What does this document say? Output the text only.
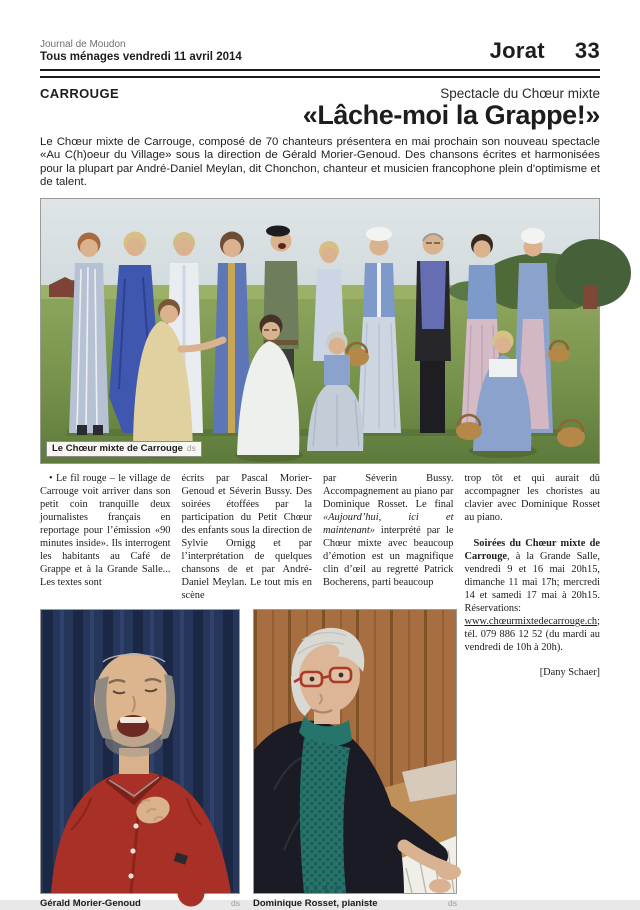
Journal de Moudon
Tous ménages vendredi 11 avril 2014	Jorat 33
CARROUGE	Spectacle du Chœur mixte
«Lâche-moi la Grappe!»

Le Chœur mixte de Carrouge, composé de 70 chanteurs présentera en mai prochain son nouveau spectacle «Au C(h)oeur du Village» sous la direction de Gérald Morier-Genoud. Des chansons écrites et harmonisées pour la plupart par André-Daniel Meylan, dit Chonchon, chanteur et musicien francophone plein d’optimisme et de talent.

Le Chœur mixte de Carrouge ds

• Le fil rouge – le village de Carrouge voit arriver dans son petit coin tranquille deux journalistes français en reportage pour l’émission «90 minutes inside». Ils interrogent les habitants au Café de Grappe et à la Grande Salle... Les textes sont

écrits par Pascal Morier-Genoud et Séverin Bussy. Des soirées étoffées par la participation du Petit Chœur des enfants sous la direction de Sylvie Ornigg et par l’interprétation de quelques chansons de et par André-Daniel Meylan. Le tout mis en scène

par Séverin Bussy. Accompagnement au piano par Dominique Rosset. Le final «Aujourd’hui, ici et maintenant» interprété par le Chœur mixte avec beaucoup d’émotion est un magnifique clin d’œil au regretté Patrick Bocherens, parti beaucoup

trop tôt et qui aurait dû accompagner les choristes au clavier avec Dominique Rosset au piano.

Soirées du Chœur mixte de Carrouge, à la Grande Salle, vendredi 9 et 16 mai 20h15, dimanche 11 mai 17h; mercredi 14 et samedi 17 mai à 20h15. Réservations: www.chœurmixtedecarrouge.ch; tél. 079 886 12 52 (du mardi au vendredi de 10h à 20h).

[Dany Schaer]

Gérald Morier-Genoud	ds Dominique Rosset, pianiste	ds
